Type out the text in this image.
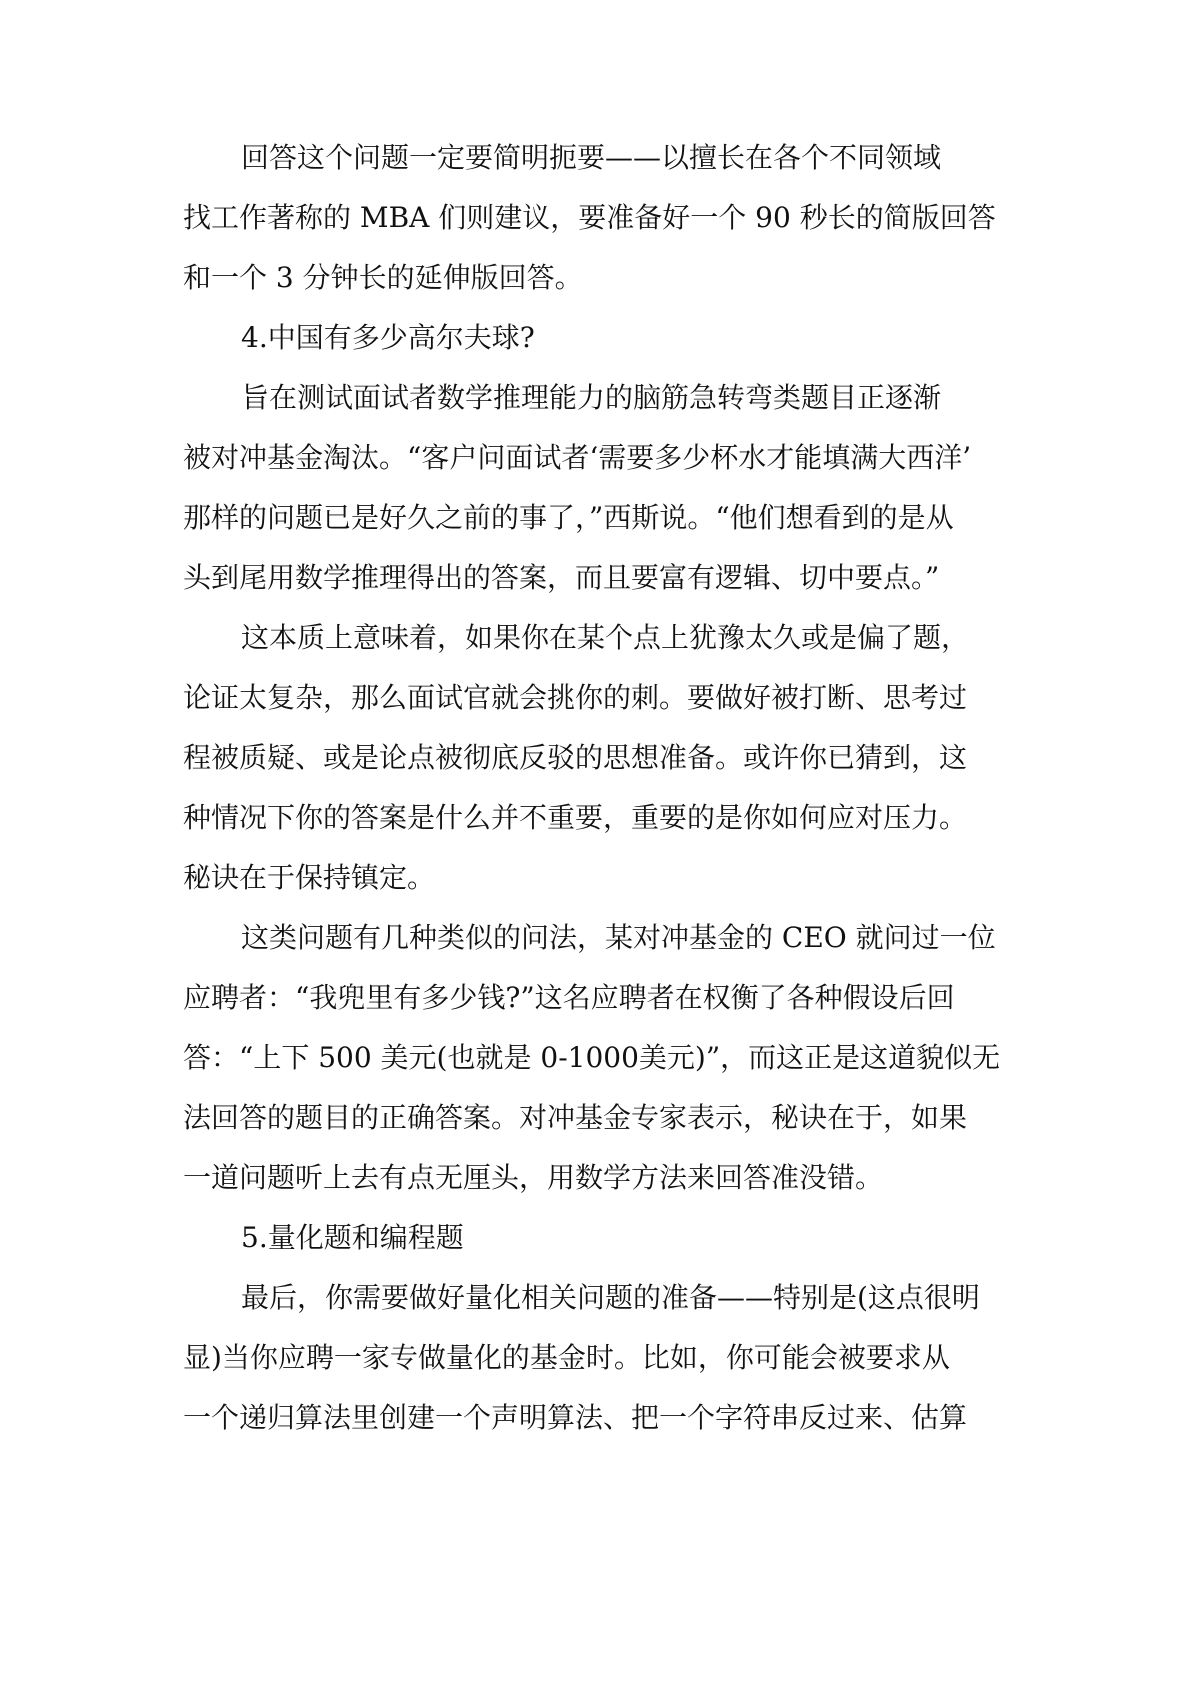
回答这个问题一定要简明扼要——以擅长在各个不同领域
找工作著称的 MBA 们则建议，要准备好一个 90 秒长的简版回答
和一个 3 分钟长的延伸版回答。
4.中国有多少高尔夫球?
旨在测试面试者数学推理能力的脑筋急转弯类题目正逐渐
被对冲基金淘汰。“客户问面试者‘需要多少杯水才能填满大西洋’
那样的问题已是好久之前的事了，”西斯说。“他们想看到的是从
头到尾用数学推理得出的答案，而且要富有逻辑、切中要点。”
这本质上意味着，如果你在某个点上犹豫太久或是偏了题，
论证太复杂，那么面试官就会挑你的刺。要做好被打断、思考过
程被质疑、或是论点被彻底反驳的思想准备。或许你已猜到，这
种情况下你的答案是什么并不重要，重要的是你如何应对压力。
秘诀在于保持镇定。
这类问题有几种类似的问法，某对冲基金的 CEO 就问过一位
应聘者：“我兜里有多少钱?”这名应聘者在权衡了各种假设后回
答：“上下 500 美元(也就是 0-1000美元)”，而这正是这道貌似无
法回答的题目的正确答案。对冲基金专家表示，秘诀在于，如果
一道问题听上去有点无厘头，用数学方法来回答准没错。
5.量化题和编程题
最后，你需要做好量化相关问题的准备——特别是(这点很明
显)当你应聘一家专做量化的基金时。比如，你可能会被要求从
一个递归算法里创建一个声明算法、把一个字符串反过来、估算
